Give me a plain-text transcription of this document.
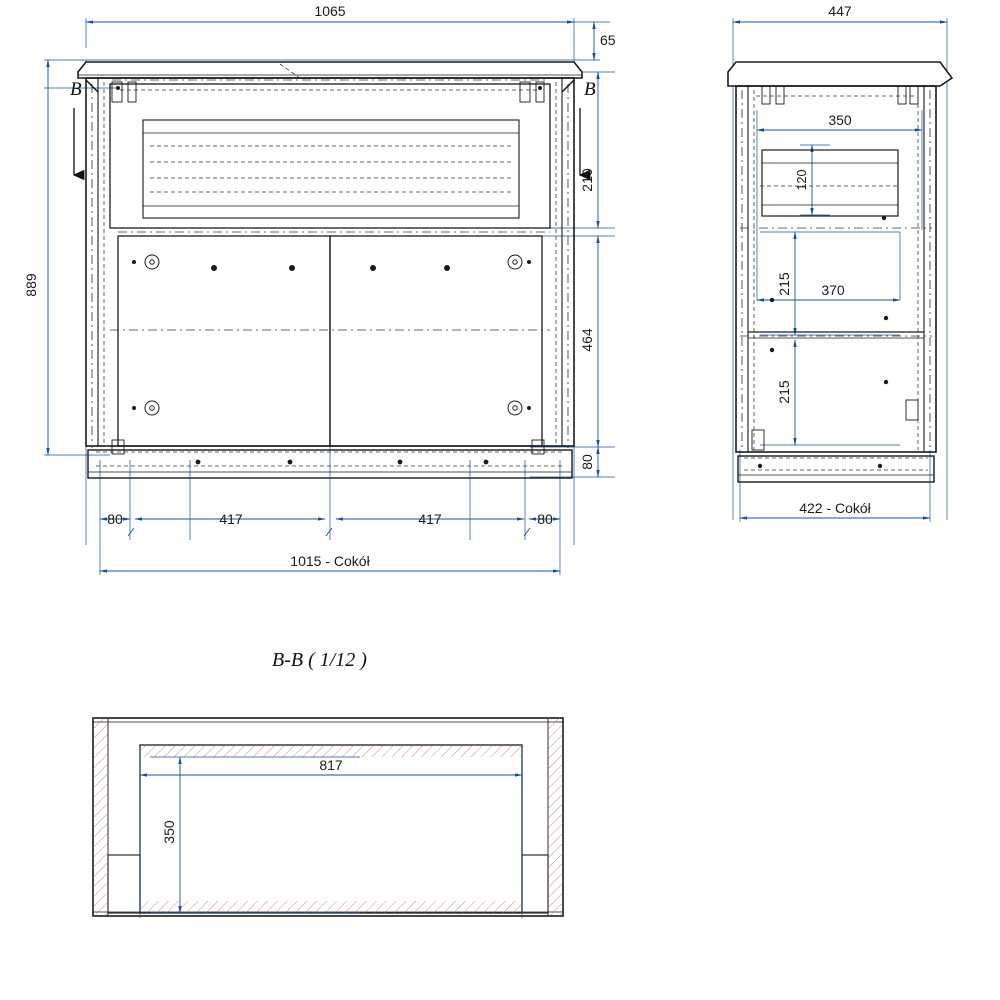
1065
65
889
210
464
80
80	417	417	80
1015 - Cokół
B	B
447
350
120
215 370
215
422 - Cokół
B-B ( 1/12 )
817
350
